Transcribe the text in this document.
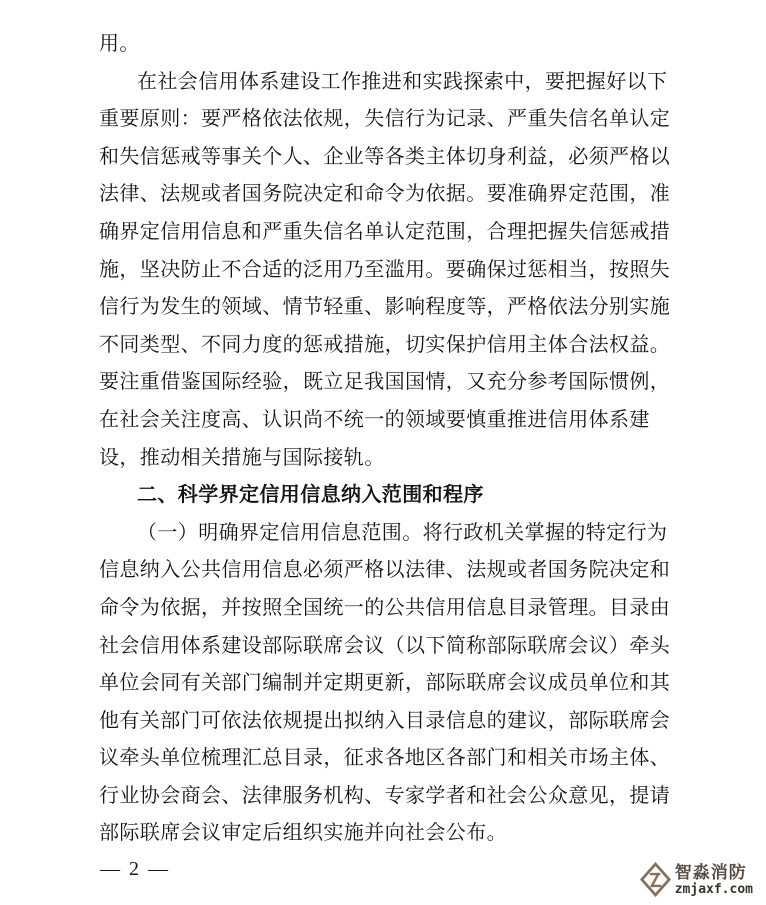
用。
在社会信用体系建设工作推进和实践探索中，要把握好以下
重要原则：要严格依法依规，失信行为记录、严重失信名单认定
和失信惩戒等事关个人、企业等各类主体切身利益，必须严格以
法律、法规或者国务院决定和命令为依据。要准确界定范围，准
确界定信用信息和严重失信名单认定范围，合理把握失信惩戒措
施，坚决防止不合适的泛用乃至滥用。要确保过惩相当，按照失
信行为发生的领域、情节轻重、影响程度等，严格依法分别实施
不同类型、不同力度的惩戒措施，切实保护信用主体合法权益。
要注重借鉴国际经验，既立足我国国情，又充分参考国际惯例，
在社会关注度高、认识尚不统一的领域要慎重推进信用体系建
设，推动相关措施与国际接轨。
二、科学界定信用信息纳入范围和程序
（一）明确界定信用信息范围。将行政机关掌握的特定行为
信息纳入公共信用信息必须严格以法律、法规或者国务院决定和
命令为依据，并按照全国统一的公共信用信息目录管理。目录由
社会信用体系建设部际联席会议（以下简称部际联席会议）牵头
单位会同有关部门编制并定期更新，部际联席会议成员单位和其
他有关部门可依法依规提出拟纳入目录信息的建议，部际联席会
议牵头单位梳理汇总目录，征求各地区各部门和相关市场主体、
行业协会商会、法律服务机构、专家学者和社会公众意见，提请
部际联席会议审定后组织实施并向社会公布。
— 2 —	智淼消防
zmjaxf.com
